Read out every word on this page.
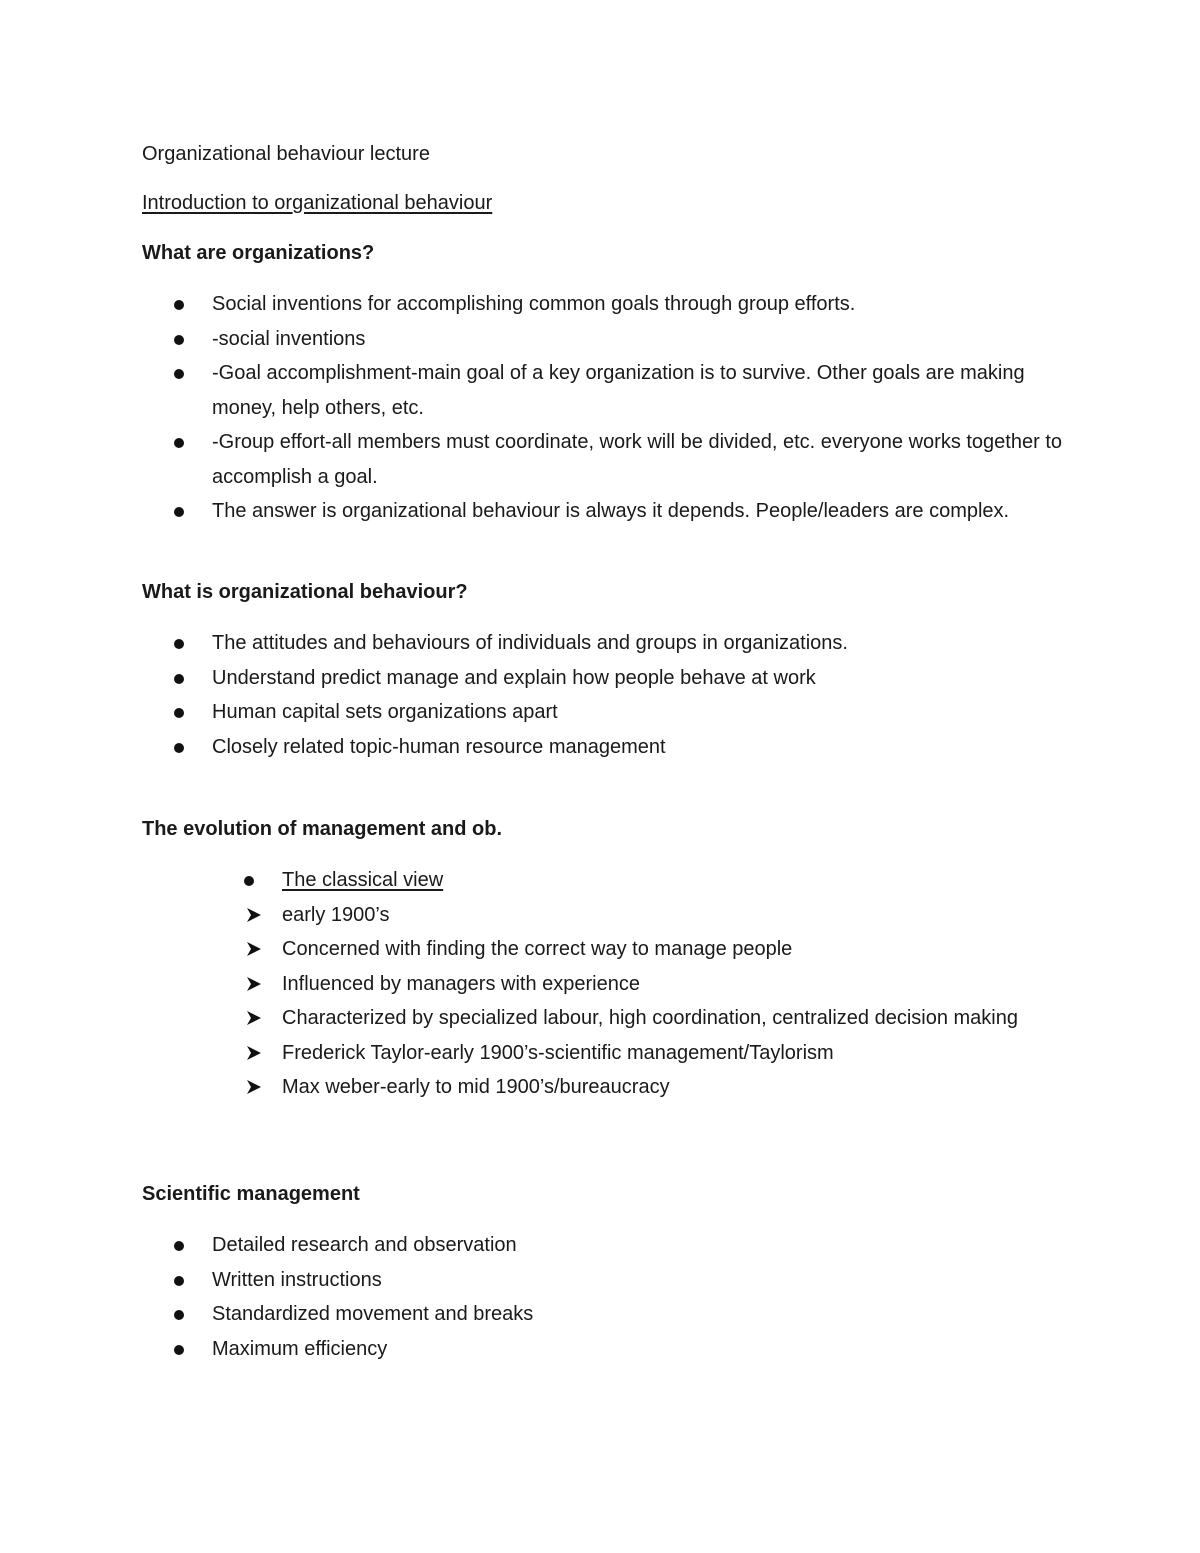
Organizational behaviour lecture
Introduction to organizational behaviour
What are organizations?
Social inventions for accomplishing common goals through group efforts.
-social inventions
-Goal accomplishment-main goal of a key organization is to survive. Other goals are making money, help others, etc.
-Group effort-all members must coordinate, work will be divided, etc. everyone works together to accomplish a goal.
The answer is organizational behaviour is always it depends. People/leaders are complex.
What is organizational behaviour?
The attitudes and behaviours of individuals and groups in organizations.
Understand predict manage and explain how people behave at work
Human capital sets organizations apart
Closely related topic-human resource management
The evolution of management and ob.
The classical view
early 1900’s
Concerned with finding the correct way to manage people
Influenced by managers with experience
Characterized by specialized labour, high coordination, centralized decision making
Frederick Taylor-early 1900’s-scientific management/Taylorism
Max weber-early to mid 1900’s/bureaucracy
Scientific management
Detailed research and observation
Written instructions
Standardized movement and breaks
Maximum efficiency
